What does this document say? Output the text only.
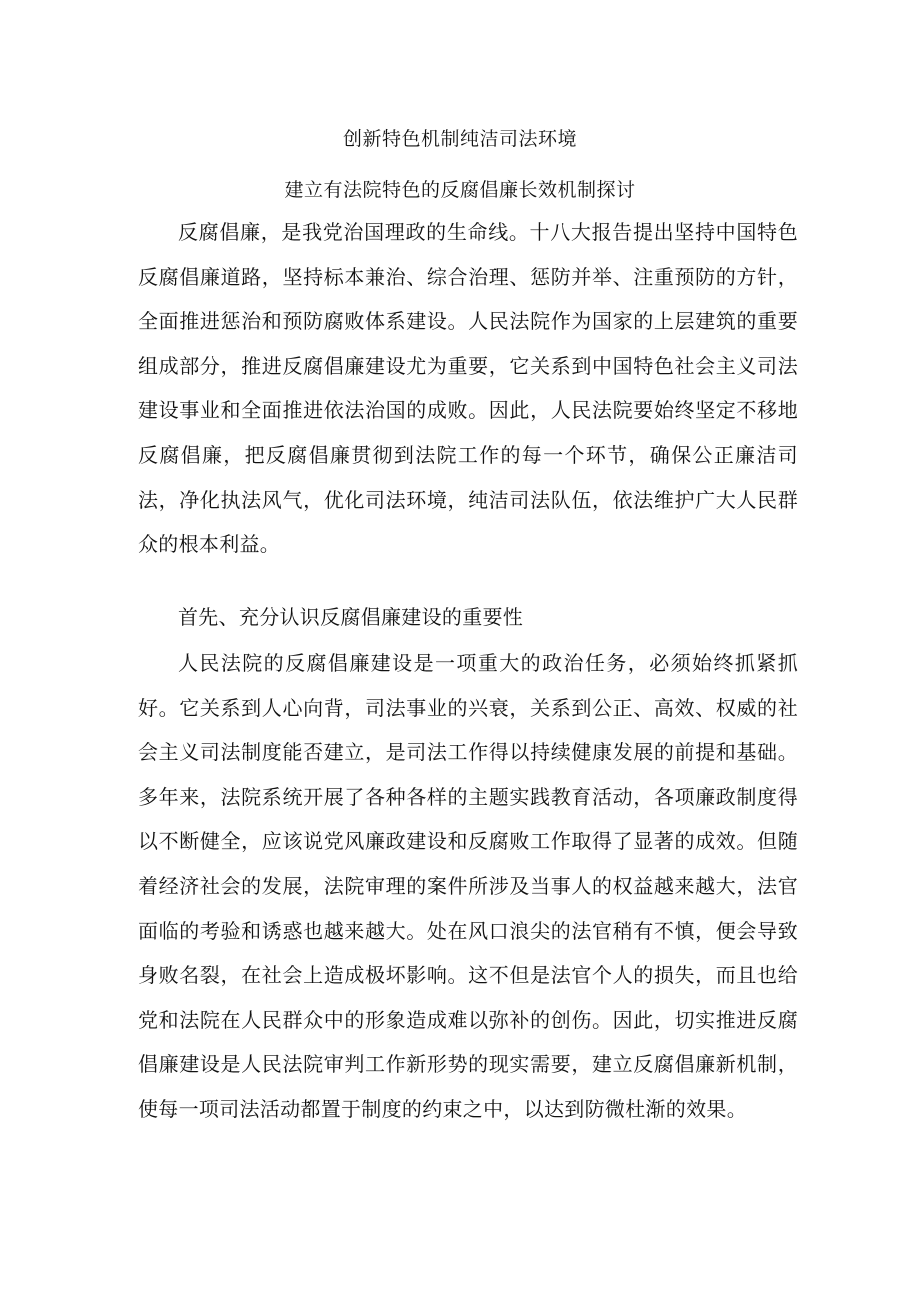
创新特色机制纯洁司法环境
建立有法院特色的反腐倡廉长效机制探讨

反腐倡廉，是我党治国理政的生命线。十八大报告提出坚持中国特色反腐倡廉道路，坚持标本兼治、综合治理、惩防并举、注重预防的方针，全面推进惩治和预防腐败体系建设。人民法院作为国家的上层建筑的重要组成部分，推进反腐倡廉建设尤为重要，它关系到中国特色社会主义司法建设事业和全面推进依法治国的成败。因此，人民法院要始终坚定不移地反腐倡廉，把反腐倡廉贯彻到法院工作的每一个环节，确保公正廉洁司法，净化执法风气，优化司法环境，纯洁司法队伍，依法维护广大人民群众的根本利益。

首先、充分认识反腐倡廉建设的重要性

人民法院的反腐倡廉建设是一项重大的政治任务，必须始终抓紧抓好。它关系到人心向背，司法事业的兴衰，关系到公正、高效、权威的社会主义司法制度能否建立，是司法工作得以持续健康发展的前提和基础。多年来，法院系统开展了各种各样的主题实践教育活动，各项廉政制度得以不断健全，应该说党风廉政建设和反腐败工作取得了显著的成效。但随着经济社会的发展，法院审理的案件所涉及当事人的权益越来越大，法官面临的考验和诱惑也越来越大。处在风口浪尖的法官稍有不慎，便会导致身败名裂，在社会上造成极坏影响。这不但是法官个人的损失，而且也给党和法院在人民群众中的形象造成难以弥补的创伤。因此，切实推进反腐倡廉建设是人民法院审判工作新形势的现实需要，建立反腐倡廉新机制，使每一项司法活动都置于制度的约束之中，以达到防微杜渐的效果。
